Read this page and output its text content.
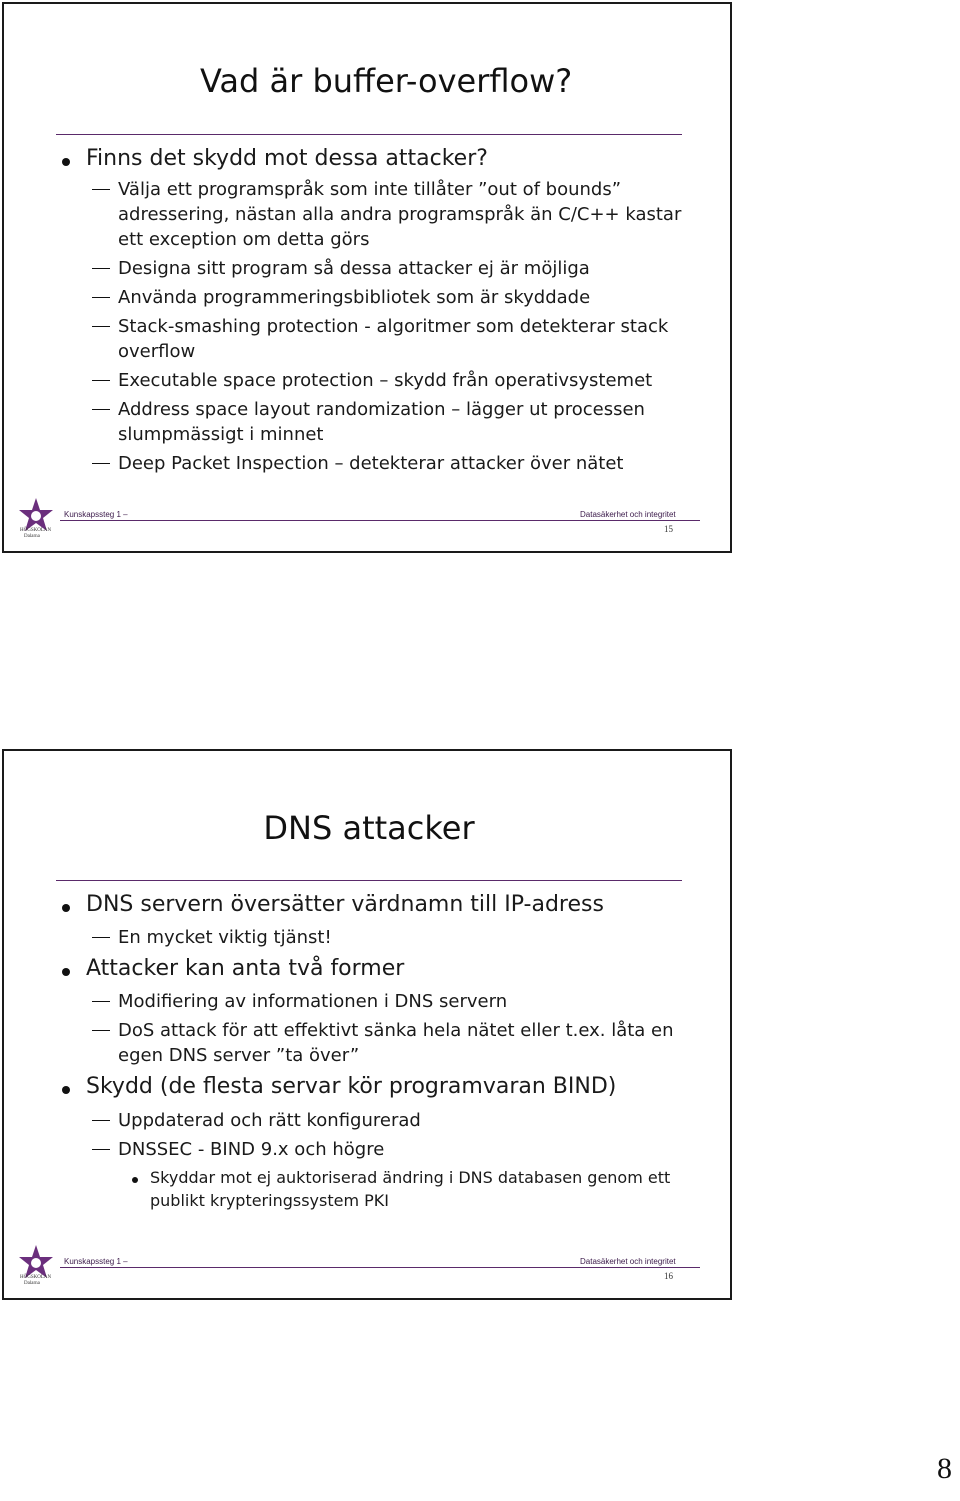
Vad är buffer-overflow?
Finns det skydd mot dessa attacker?
Välja ett programspråk som inte tillåter ”out of bounds”
adressering, nästan alla andra programspråk än C/C++ kastar
ett exception om detta görs
Designa sitt program så dessa attacker ej är möjliga
Använda programmeringsbibliotek som är skyddade
Stack-smashing protection - algoritmer som detekterar stack
overflow
Executable space protection – skydd från operativsystemet
Address space layout randomization – lägger ut processen
slumpmässigt i minnet
Deep Packet Inspection – detekterar attacker över nätet
HÖGSKOLAN
Dalarna
Kunskapssteg 1 –	Datasäkerhet och integritet
15
DNS attacker
DNS servern översätter värdnamn till IP-adress
En mycket viktig tjänst!
Attacker kan anta två former
Modifiering av informationen i DNS servern
DoS attack för att effektivt sänka hela nätet eller t.ex. låta en
egen DNS server ”ta över”
Skydd (de flesta servar kör programvaran BIND)
Uppdaterad och rätt konfigurerad
DNSSEC - BIND 9.x och högre
Skyddar mot ej auktoriserad ändring i DNS databasen genom ett
publikt krypteringssystem PKI
HÖGSKOLAN
Dalarna
Kunskapssteg 1 –	Datasäkerhet och integritet
16
8
